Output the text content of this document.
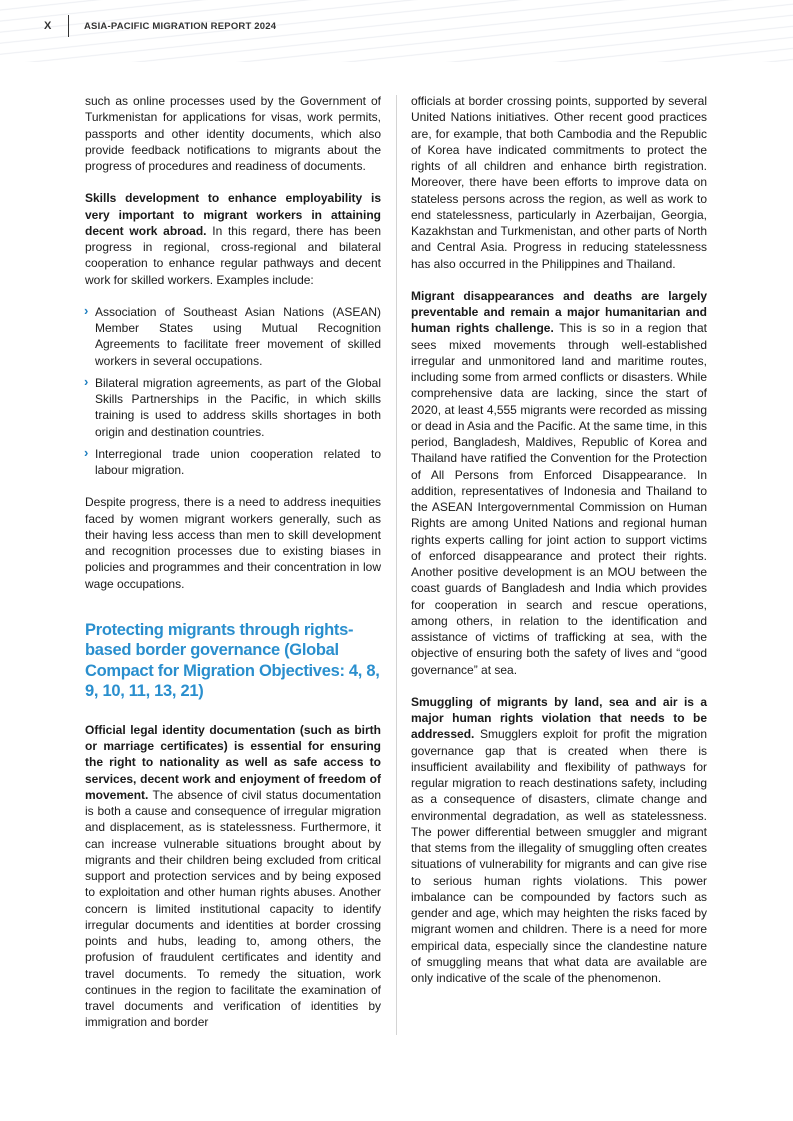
X	ASIA-PACIFIC MIGRATION REPORT 2024

such as online processes used by the Government of Turkmenistan for applications for visas, work permits, passports and other identity documents, which also provide feedback notifications to migrants about the progress of procedures and readiness of documents.

Skills development to enhance employability is very important to migrant workers in attaining decent work abroad. In this regard, there has been progress in regional, cross-regional and bilateral cooperation to enhance regular pathways and decent work for skilled workers. Examples include:

› Association of Southeast Asian Nations (ASEAN) Member States using Mutual Recognition Agreements to facilitate freer movement of skilled workers in several occupations.
› Bilateral migration agreements, as part of the Global Skills Partnerships in the Pacific, in which skills training is used to address skills shortages in both origin and destination countries.
› Interregional trade union cooperation related to labour migration.

Despite progress, there is a need to address inequities faced by women migrant workers generally, such as their having less access than men to skill development and recognition processes due to existing biases in policies and programmes and their concentration in low wage occupations.

Protecting migrants through rights-based border governance (Global Compact for Migration Objectives: 4, 8, 9, 10, 11, 13, 21)

Official legal identity documentation (such as birth or marriage certificates) is essential for ensuring the right to nationality as well as safe access to services, decent work and enjoyment of freedom of movement. The absence of civil status documentation is both a cause and consequence of irregular migration and displacement, as is statelessness. Furthermore, it can increase vulnerable situations brought about by migrants and their children being excluded from critical support and protection services and by being exposed to exploitation and other human rights abuses. Another concern is limited institutional capacity to identify irregular documents and identities at border crossing points and hubs, leading to, among others, the profusion of fraudulent certificates and identity and travel documents. To remedy the situation, work continues in the region to facilitate the examination of travel documents and verification of identities by immigration and border

officials at border crossing points, supported by several United Nations initiatives. Other recent good practices are, for example, that both Cambodia and the Republic of Korea have indicated commitments to protect the rights of all children and enhance birth registration. Moreover, there have been efforts to improve data on stateless persons across the region, as well as work to end statelessness, particularly in Azerbaijan, Georgia, Kazakhstan and Turkmenistan, and other parts of North and Central Asia. Progress in reducing statelessness has also occurred in the Philippines and Thailand.

Migrant disappearances and deaths are largely preventable and remain a major humanitarian and human rights challenge. This is so in a region that sees mixed movements through well-established irregular and unmonitored land and maritime routes, including some from armed conflicts or disasters. While comprehensive data are lacking, since the start of 2020, at least 4,555 migrants were recorded as missing or dead in Asia and the Pacific. At the same time, in this period, Bangladesh, Maldives, Republic of Korea and Thailand have ratified the Convention for the Protection of All Persons from Enforced Disappearance. In addition, representatives of Indonesia and Thailand to the ASEAN Intergovernmental Commission on Human Rights are among United Nations and regional human rights experts calling for joint action to support victims of enforced disappearance and protect their rights. Another positive development is an MOU between the coast guards of Bangladesh and India which provides for cooperation in search and rescue operations, among others, in relation to the identification and assistance of victims of trafficking at sea, with the objective of ensuring both the safety of lives and “good governance” at sea.

Smuggling of migrants by land, sea and air is a major human rights violation that needs to be addressed. Smugglers exploit for profit the migration governance gap that is created when there is insufficient availability and flexibility of pathways for regular migration to reach destinations safety, including as a consequence of disasters, climate change and environmental degradation, as well as statelessness. The power differential between smuggler and migrant that stems from the illegality of smuggling often creates situations of vulnerability for migrants and can give rise to serious human rights violations. This power imbalance can be compounded by factors such as gender and age, which may heighten the risks faced by migrant women and children. There is a need for more empirical data, especially since the clandestine nature of smuggling means that what data are available are only indicative of the scale of the phenomenon.
